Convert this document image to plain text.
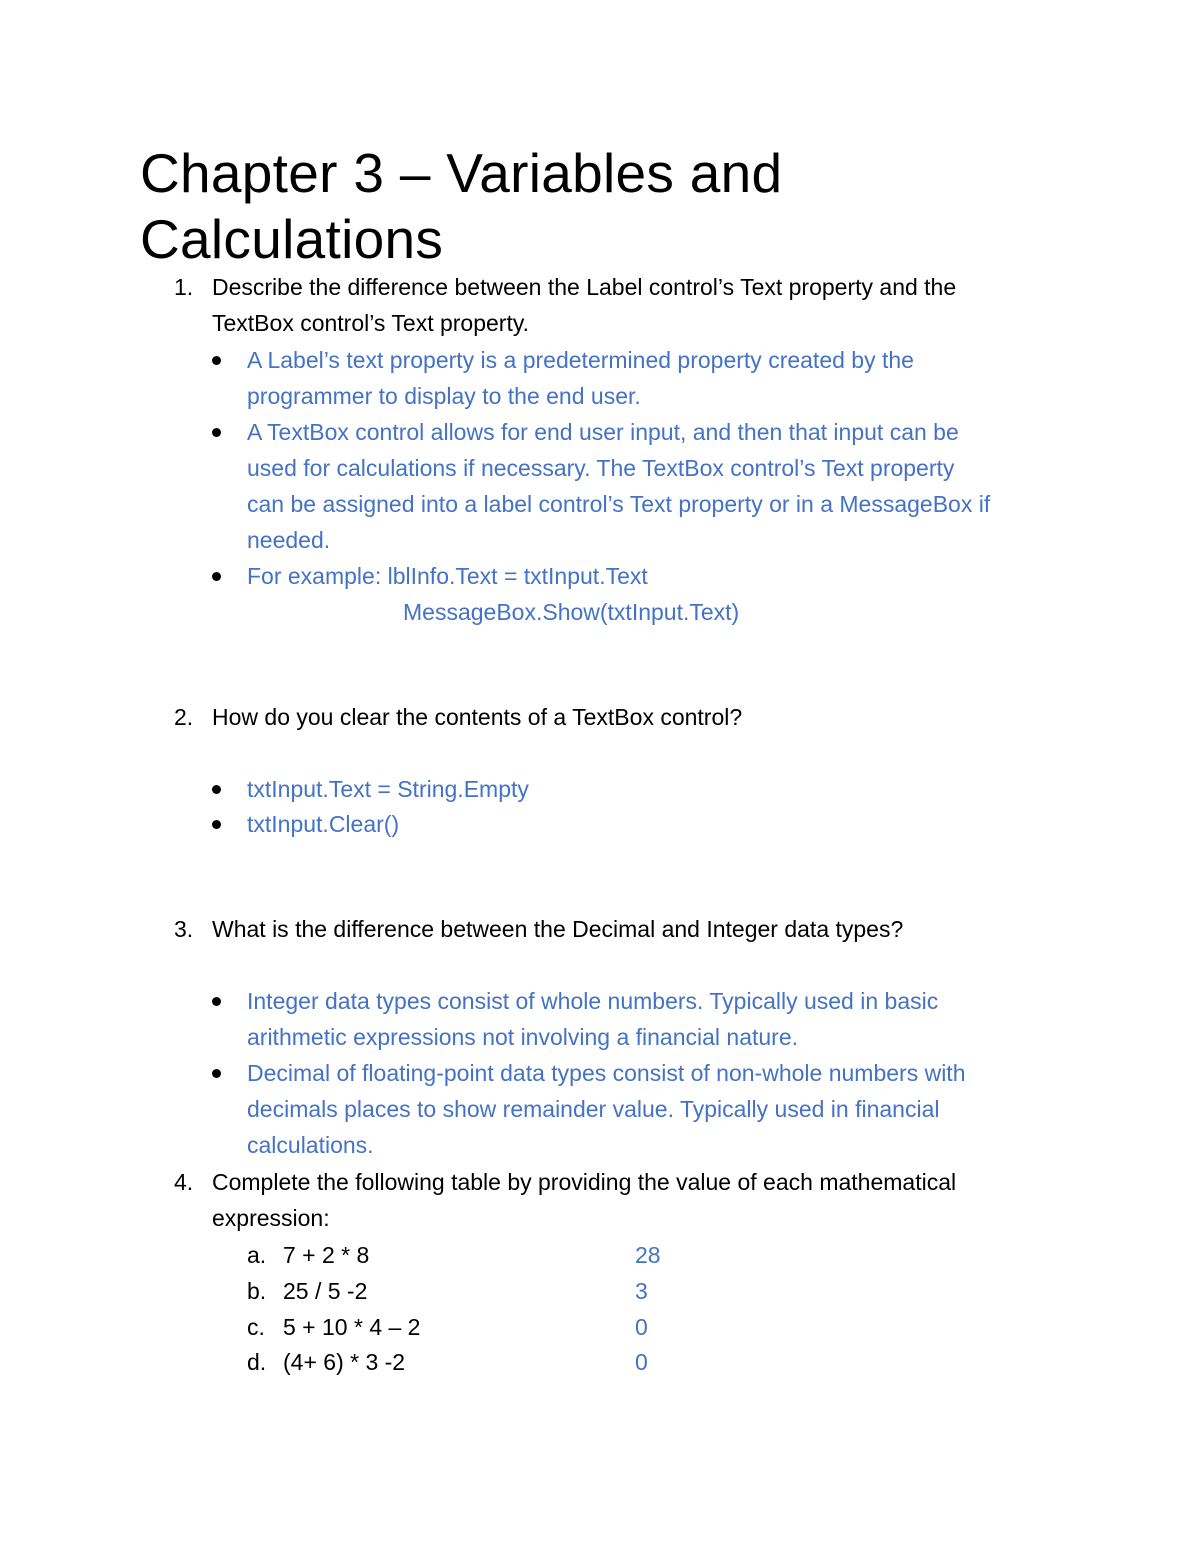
Chapter 3 – Variables and
Calculations
1. Describe the difference between the Label control’s Text property and the
TextBox control’s Text property.
A Label’s text property is a predetermined property created by the
programmer to display to the end user.
A TextBox control allows for end user input, and then that input can be
used for calculations if necessary. The TextBox control’s Text property
can be assigned into a label control’s Text property or in a MessageBox if
needed.
For example: lblInfo.Text = txtInput.Text
MessageBox.Show(txtInput.Text)
2. How do you clear the contents of a TextBox control?
txtInput.Text = String.Empty
txtInput.Clear()
3. What is the difference between the Decimal and Integer data types?
Integer data types consist of whole numbers. Typically used in basic
arithmetic expressions not involving a financial nature.
Decimal of floating-point data types consist of non-whole numbers with
decimals places to show remainder value. Typically used in financial
calculations.
4. Complete the following table by providing the value of each mathematical
expression:
a. 7 + 2 * 8	28
b. 25 / 5 -2	3
c. 5 + 10 * 4 – 2	0
d. (4+ 6) * 3 -2	0
